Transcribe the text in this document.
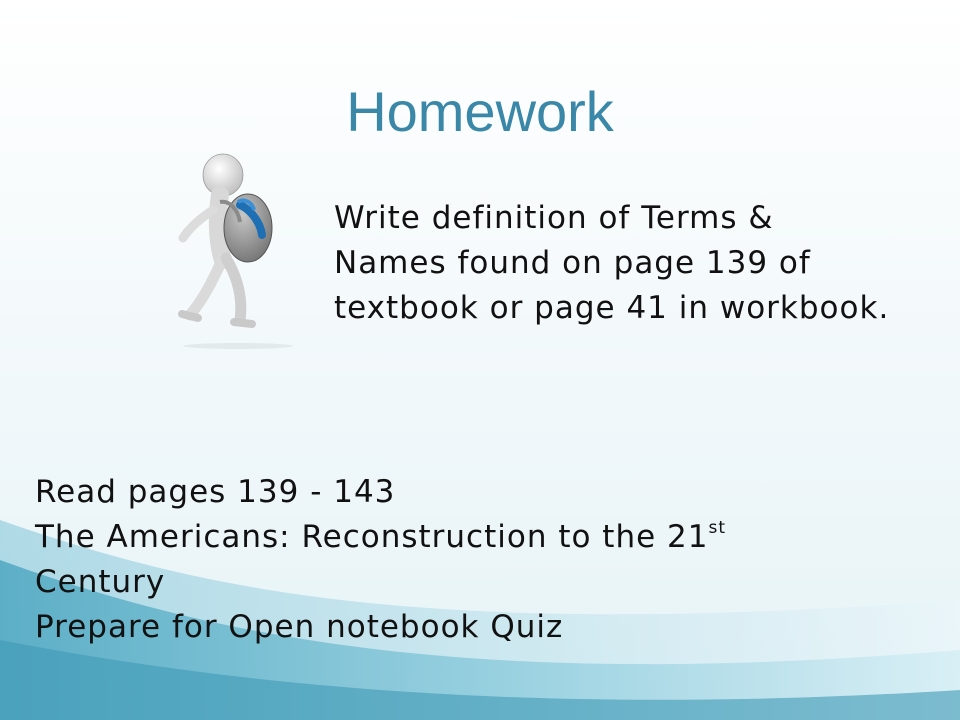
Homework
Write definition of Terms & Names found on page 139 of textbook or page 41 in workbook.
Read pages 139 - 143
The Americans: Reconstruction to the 21st
Century
Prepare for Open notebook Quiz
